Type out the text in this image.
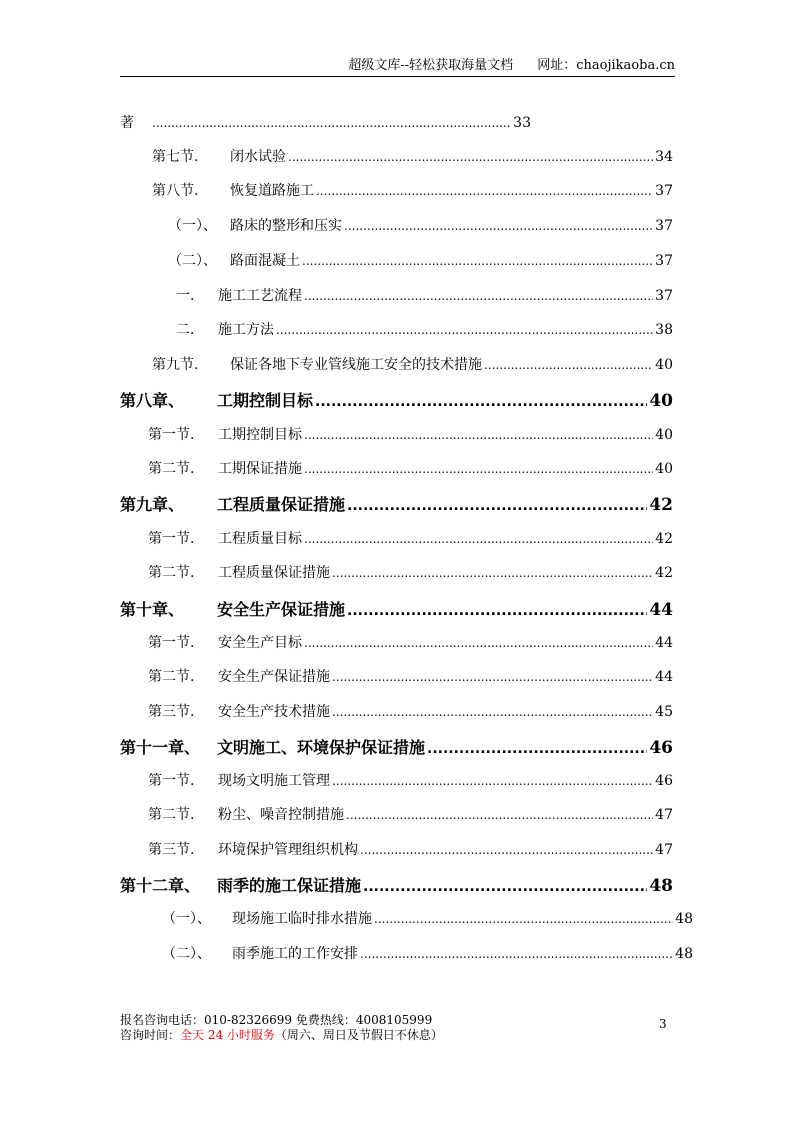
超级文库--轻松获取海量文档 网址：chaojikaoba.cn
著 .....	33
第七节.	闭水试验 .....	34
第八节.	恢复道路施工 .....	37
（一）、 路床的整形和压实 .....	37
（二）、 路面混凝土 .....	37
一.	施工工艺流程 .....	37
二.	施工方法 .....	38
第九节.	保证各地下专业管线施工安全的技术措施 .....	40
第八章、	工期控制目标 .....	40
第一节.	工期控制目标 .....	40
第二节.	工期保证措施 .....	40
第九章、	工程质量保证措施 .....	42
第一节.	工程质量目标 .....	42
第二节.	工程质量保证措施 .....	42
第十章、	安全生产保证措施 .....	44
第一节.	安全生产目标 .....	44
第二节.	安全生产保证措施 .....	44
第三节.	安全生产技术措施 .....	45
第十一章、	文明施工、环境保护保证措施 .....	46
第一节.	现场文明施工管理 .....	46
第二节.	粉尘、噪音控制措施 .....	47
第三节.	环境保护管理组织机构 .....	47
第十二章、	雨季的施工保证措施 .....	48
（一）、	现场施工临时排水措施 .....	48
（二）、	雨季施工的工作安排 .....	48
报名咨询电话：010-82326699 免费热线：4008105999
咨询时间：全天 24 小时服务（周六、周日及节假日不休息）
3
